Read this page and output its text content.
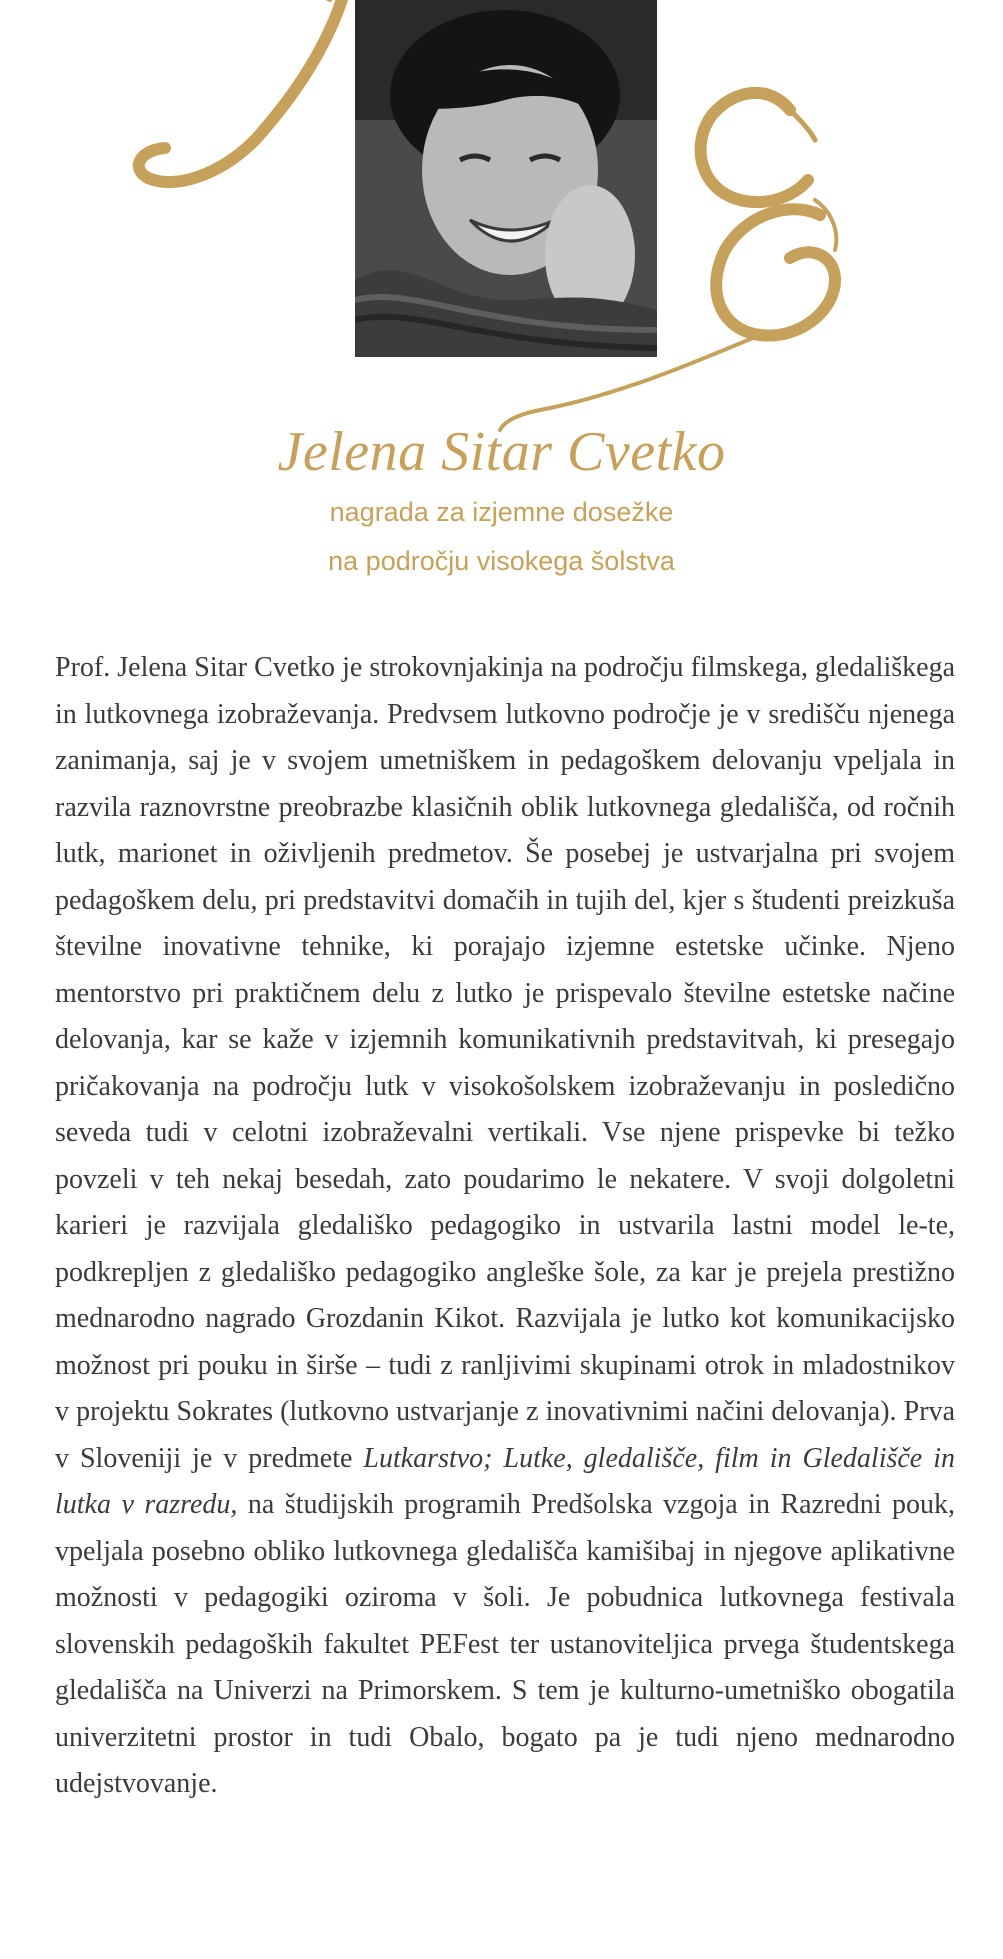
Jelena Sitar Cvetko
nagrada za izjemne dosežke
na področju visokega šolstva
Prof. Jelena Sitar Cvetko je strokovnjakinja na področju filmskega, gledališkega in lutkovnega izobraževanja. Predvsem lutkovno področje je v središču njenega zanimanja, saj je v svojem umetniškem in pedagoškem delovanju vpeljala in razvila raznovrstne preobrazbe klasičnih oblik lutkovnega gledališča, od ročnih lutk, marionet in oživljenih predmetov. Še posebej je ustvarjalna pri svojem pedagoškem delu, pri predstavitvi domačih in tujih del, kjer s študenti preizkuša številne inovativne tehnike, ki porajajo izjemne estetske učinke. Njeno mentorstvo pri praktičnem delu z lutko je prispevalo številne estetske načine delovanja, kar se kaže v izjemnih komunikativnih predstavitvah, ki presegajo pričakovanja na področju lutk v visokošolskem izobraževanju in posledično seveda tudi v celotni izobraževalni vertikali. Vse njene prispevke bi težko povzeli v teh nekaj besedah, zato poudarimo le nekatere. V svoji dolgoletni karieri je razvijala gledališko pedagogiko in ustvarila lastni model le-te, podkrepljen z gledališko pedagogiko angleške šole, za kar je prejela prestižno mednarodno nagrado Grozdanin Kikot. Razvijala je lutko kot komunikacijsko možnost pri pouku in širše – tudi z ranljivimi skupinami otrok in mladostnikov v projektu Sokrates (lutkovno ustvarjanje z inovativnimi načini delovanja). Prva v Sloveniji je v predmete Lutkarstvo; Lutke, gledališče, film in Gledališče in lutka v razredu, na študijskih programih Predšolska vzgoja in Razredni pouk, vpeljala posebno obliko lutkovnega gledališča kamišibaj in njegove aplikativne možnosti v pedagogiki oziroma v šoli. Je pobudnica lutkovnega festivala slovenskih pedagoških fakultet PEFest ter ustanoviteljica prvega študentskega gledališča na Univerzi na Primorskem. S tem je kulturno-umetniško obogatila univerzitetni prostor in tudi Obalo, bogato pa je tudi njeno mednarodno udejstvovanje.
